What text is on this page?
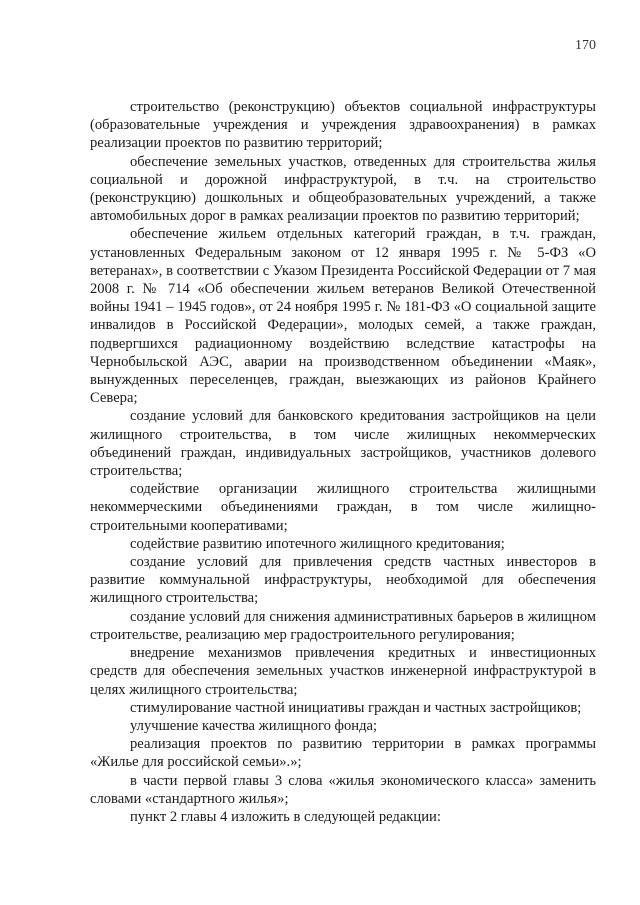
170

строительство (реконструкцию) объектов социальной инфраструктуры (образовательные учреждения и учреждения здравоохранения) в рамках реализации проектов по развитию территорий;

обеспечение земельных участков, отведенных для строительства жилья социальной и дорожной инфраструктурой, в т.ч. на строительство (реконструкцию) дошкольных и общеобразовательных учреждений, а также автомобильных дорог в рамках реализации проектов по развитию территорий;

обеспечение жильем отдельных категорий граждан, в т.ч. граждан, установленных Федеральным законом от 12 января 1995 г. № 5-ФЗ «О ветеранах», в соответствии с Указом Президента Российской Федерации от 7 мая 2008 г. № 714 «Об обеспечении жильем ветеранов Великой Отечественной войны 1941 – 1945 годов», от 24 ноября 1995 г. № 181-ФЗ «О социальной защите инвалидов в Российской Федерации», молодых семей, а также граждан, подвергшихся радиационному воздействию вследствие катастрофы на Чернобыльской АЭС, аварии на производственном объединении «Маяк», вынужденных переселенцев, граждан, выезжающих из районов Крайнего Севера;

создание условий для банковского кредитования застройщиков на цели жилищного строительства, в том числе жилищных некоммерческих объединений граждан, индивидуальных застройщиков, участников долевого строительства;

содействие организации жилищного строительства жилищными некоммерческими объединениями граждан, в том числе жилищно-строительными кооперативами;

содействие развитию ипотечного жилищного кредитования;

создание условий для привлечения средств частных инвесторов в развитие коммунальной инфраструктуры, необходимой для обеспечения жилищного строительства;

создание условий для снижения административных барьеров в жилищном строительстве, реализацию мер градостроительного регулирования;

внедрение механизмов привлечения кредитных и инвестиционных средств для обеспечения земельных участков инженерной инфраструктурой в целях жилищного строительства;

стимулирование частной инициативы граждан и частных застройщиков;

улучшение качества жилищного фонда;

реализация проектов по развитию территории в рамках программы «Жилье для российской семьи».»;

в части первой главы 3 слова «жилья экономического класса» заменить словами «стандартного жилья»;

пункт 2 главы 4 изложить в следующей редакции:
